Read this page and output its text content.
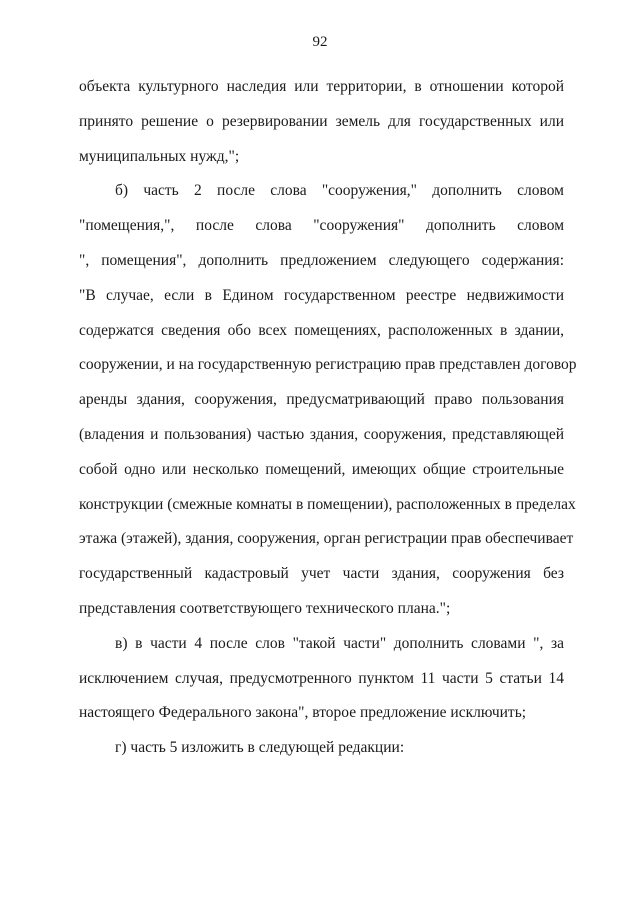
92
объекта культурного наследия или территории, в отношении которой
принято решение о резервировании земель для государственных или
муниципальных нужд,";
б) часть 2 после слова "сооружения," дополнить словом
"помещения,", после слова "сооружения" дополнить словом
", помещения", дополнить предложением следующего содержания:
"В случае, если в Едином государственном реестре недвижимости
содержатся сведения обо всех помещениях, расположенных в здании,
сооружении, и на государственную регистрацию прав представлен договор
аренды здания, сооружения, предусматривающий право пользования
(владения и пользования) частью здания, сооружения, представляющей
собой одно или несколько помещений, имеющих общие строительные
конструкции (смежные комнаты в помещении), расположенных в пределах
этажа (этажей), здания, сооружения, орган регистрации прав обеспечивает
государственный кадастровый учет части здания, сооружения без
представления соответствующего технического плана.";
в) в части 4 после слов "такой части" дополнить словами ", за
исключением случая, предусмотренного пунктом 11 части 5 статьи 14
настоящего Федерального закона", второе предложение исключить;
г) часть 5 изложить в следующей редакции:
